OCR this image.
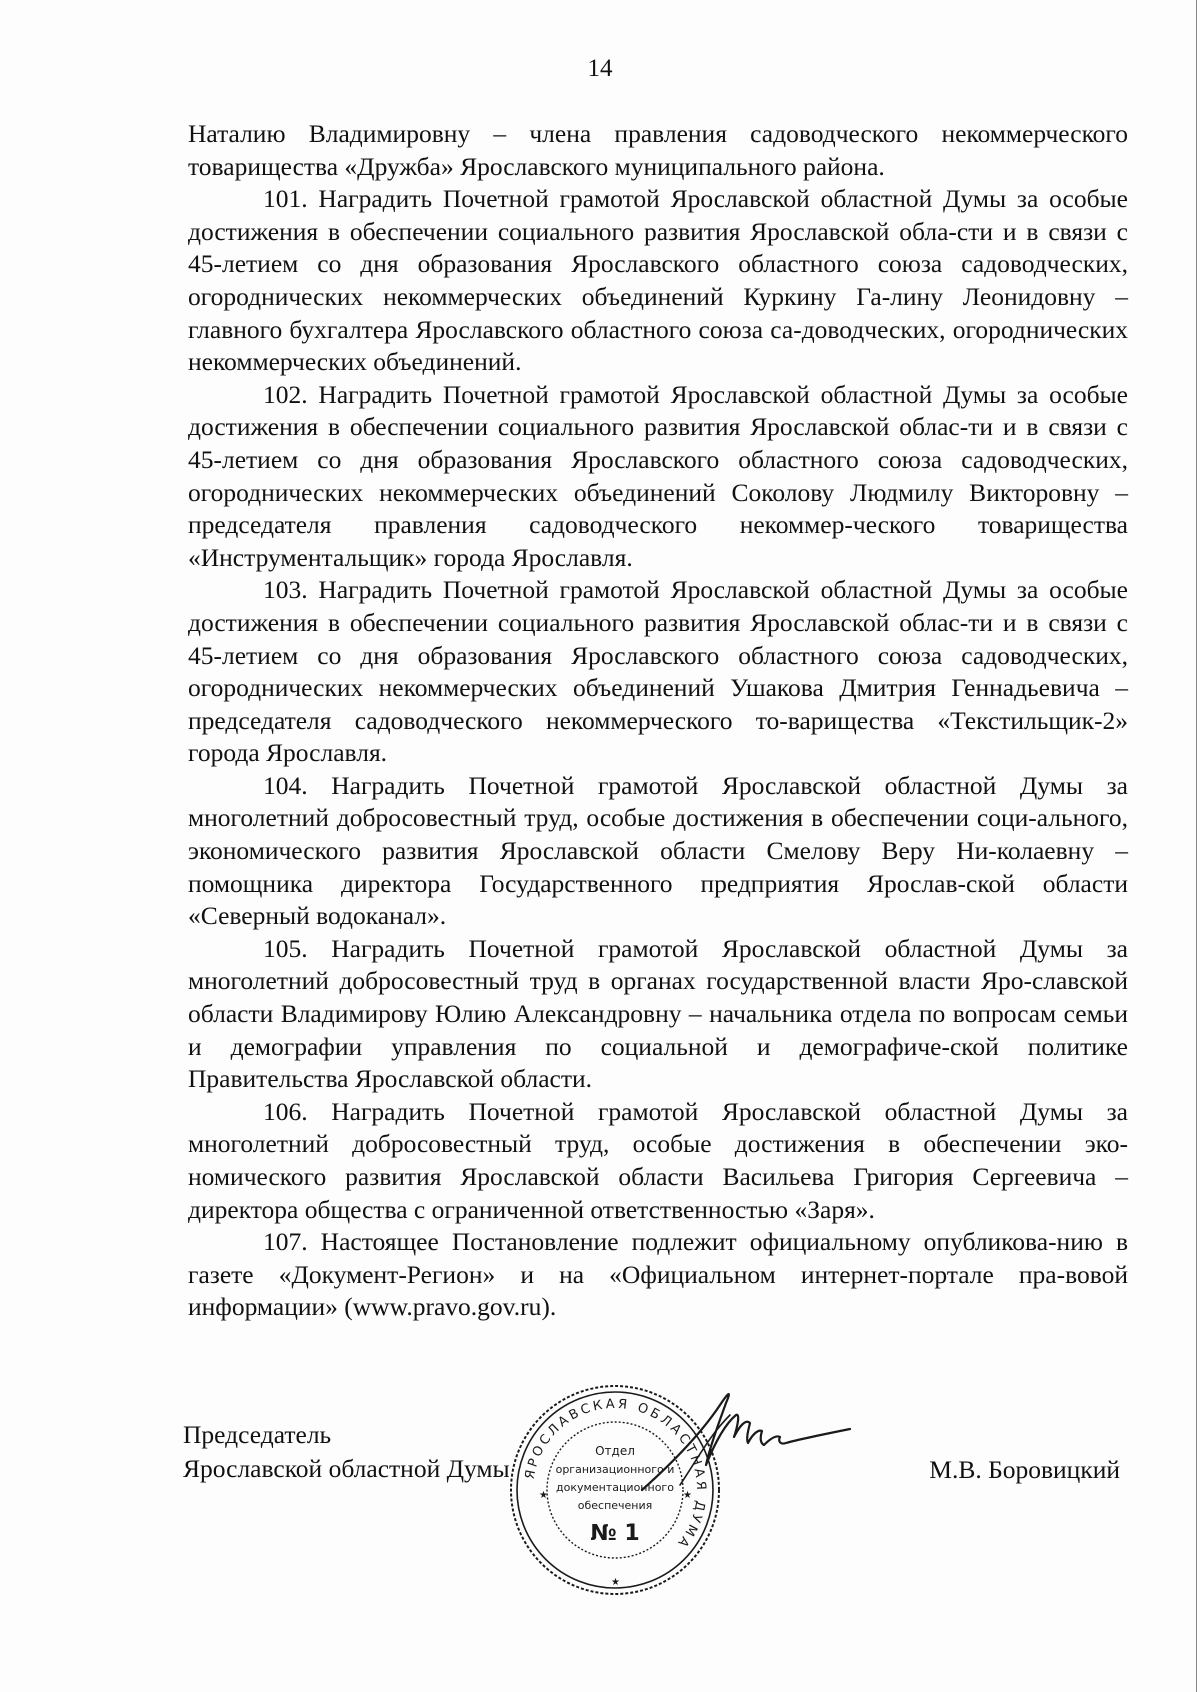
14

Наталию Владимировну – члена правления садоводческого некоммерческого товарищества «Дружба» Ярославского муниципального района.

101. Наградить Почетной грамотой Ярославской областной Думы за особые достижения в обеспечении социального развития Ярославской обла-сти и в связи с 45-летием со дня образования Ярославского областного союза садоводческих, огороднических некоммерческих объединений Куркину Га-лину Леонидовну – главного бухгалтера Ярославского областного союза са-доводческих, огороднических некоммерческих объединений.

102. Наградить Почетной грамотой Ярославской областной Думы за особые достижения в обеспечении социального развития Ярославской облас-ти и в связи с 45-летием со дня образования Ярославского областного союза садоводческих, огороднических некоммерческих объединений Соколову Людмилу Викторовну – председателя правления садоводческого некоммер-ческого товарищества «Инструментальщик» города Ярославля.

103. Наградить Почетной грамотой Ярославской областной Думы за особые достижения в обеспечении социального развития Ярославской облас-ти и в связи с 45-летием со дня образования Ярославского областного союза садоводческих, огороднических некоммерческих объединений Ушакова Дмитрия Геннадьевича – председателя садоводческого некоммерческого то-варищества «Текстильщик-2» города Ярославля.

104. Наградить Почетной грамотой Ярославской областной Думы за многолетний добросовестный труд, особые достижения в обеспечении соци-ального, экономического развития Ярославской области Смелову Веру Ни-колаевну – помощника директора Государственного предприятия Ярослав-ской области «Северный водоканал».

105. Наградить Почетной грамотой Ярославской областной Думы за многолетний добросовестный труд в органах государственной власти Яро-славской области Владимирову Юлию Александровну – начальника отдела по вопросам семьи и демографии управления по социальной и демографиче-ской политике Правительства Ярославской области.

106. Наградить Почетной грамотой Ярославской областной Думы за многолетний добросовестный труд, особые достижения в обеспечении эко-номического развития Ярославской области Васильева Григория Сергеевича – директора общества с ограниченной ответственностью «Заря».

107. Настоящее Постановление подлежит официальному опубликова-нию в газете «Документ-Регион» и на «Официальном интернет-портале пра-вовой информации» (www.pravo.gov.ru).

Председатель
Ярославской областной Думы	М.В. Боровицкий
ЯРОСЛАВСКАЯ ОБЛАСТНАЯ ДУМА
Отдел
организационного и
документационного
обеспечения
№ 1
★	★
★
